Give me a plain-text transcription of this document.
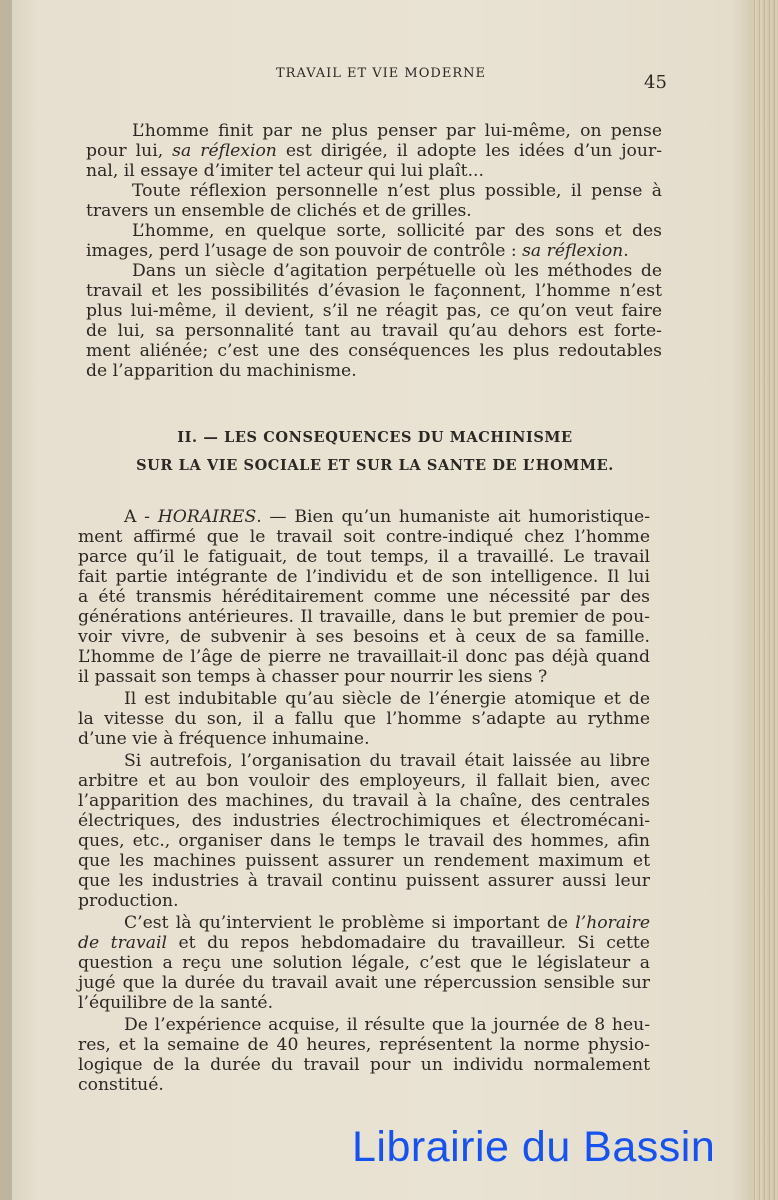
TRAVAIL ET VIE MODERNE	45
L’homme finit par ne plus penser par lui-même, on pense
pour lui, sa réflexion est dirigée, il adopte les idées d’un jour-
nal, il essaye d’imiter tel acteur qui lui plaît...
Toute réflexion personnelle n’est plus possible, il pense à
travers un ensemble de clichés et de grilles.
L’homme, en quelque sorte, sollicité par des sons et des
images, perd l’usage de son pouvoir de contrôle : sa réflexion.
Dans un siècle d’agitation perpétuelle où les méthodes de
travail et les possibilités d’évasion le façonnent, l’homme n’est
plus lui-même, il devient, s’il ne réagit pas, ce qu’on veut faire
de lui, sa personnalité tant au travail qu’au dehors est forte-
ment aliénée; c’est une des conséquences les plus redoutables
de l’apparition du machinisme.
II. — LES CONSEQUENCES DU MACHINISME
SUR LA VIE SOCIALE ET SUR LA SANTE DE L’HOMME.
A - HORAIRES. — Bien qu’un humaniste ait humoristique-
ment affirmé que le travail soit contre-indiqué chez l’homme
parce qu’il le fatiguait, de tout temps, il a travaillé. Le travail
fait partie intégrante de l’individu et de son intelligence. Il lui
a été transmis héréditairement comme une nécessité par des
générations antérieures. Il travaille, dans le but premier de pou-
voir vivre, de subvenir à ses besoins et à ceux de sa famille.
L’homme de l’âge de pierre ne travaillait-il donc pas déjà quand
il passait son temps à chasser pour nourrir les siens ?
Il est indubitable qu’au siècle de l’énergie atomique et de
la vitesse du son, il a fallu que l’homme s’adapte au rythme
d’une vie à fréquence inhumaine.
Si autrefois, l’organisation du travail était laissée au libre
arbitre et au bon vouloir des employeurs, il fallait bien, avec
l’apparition des machines, du travail à la chaîne, des centrales
électriques, des industries électrochimiques et électromécani-
ques, etc., organiser dans le temps le travail des hommes, afin
que les machines puissent assurer un rendement maximum et
que les industries à travail continu puissent assurer aussi leur
production.
C’est là qu’intervient le problème si important de l’horaire
de travail et du repos hebdomadaire du travailleur. Si cette
question a reçu une solution légale, c’est que le législateur a
jugé que la durée du travail avait une répercussion sensible sur
l’équilibre de la santé.
De l’expérience acquise, il résulte que la journée de 8 heu-
res, et la semaine de 40 heures, représentent la norme physio-
logique de la durée du travail pour un individu normalement
constitué.
Librairie du Bassin
